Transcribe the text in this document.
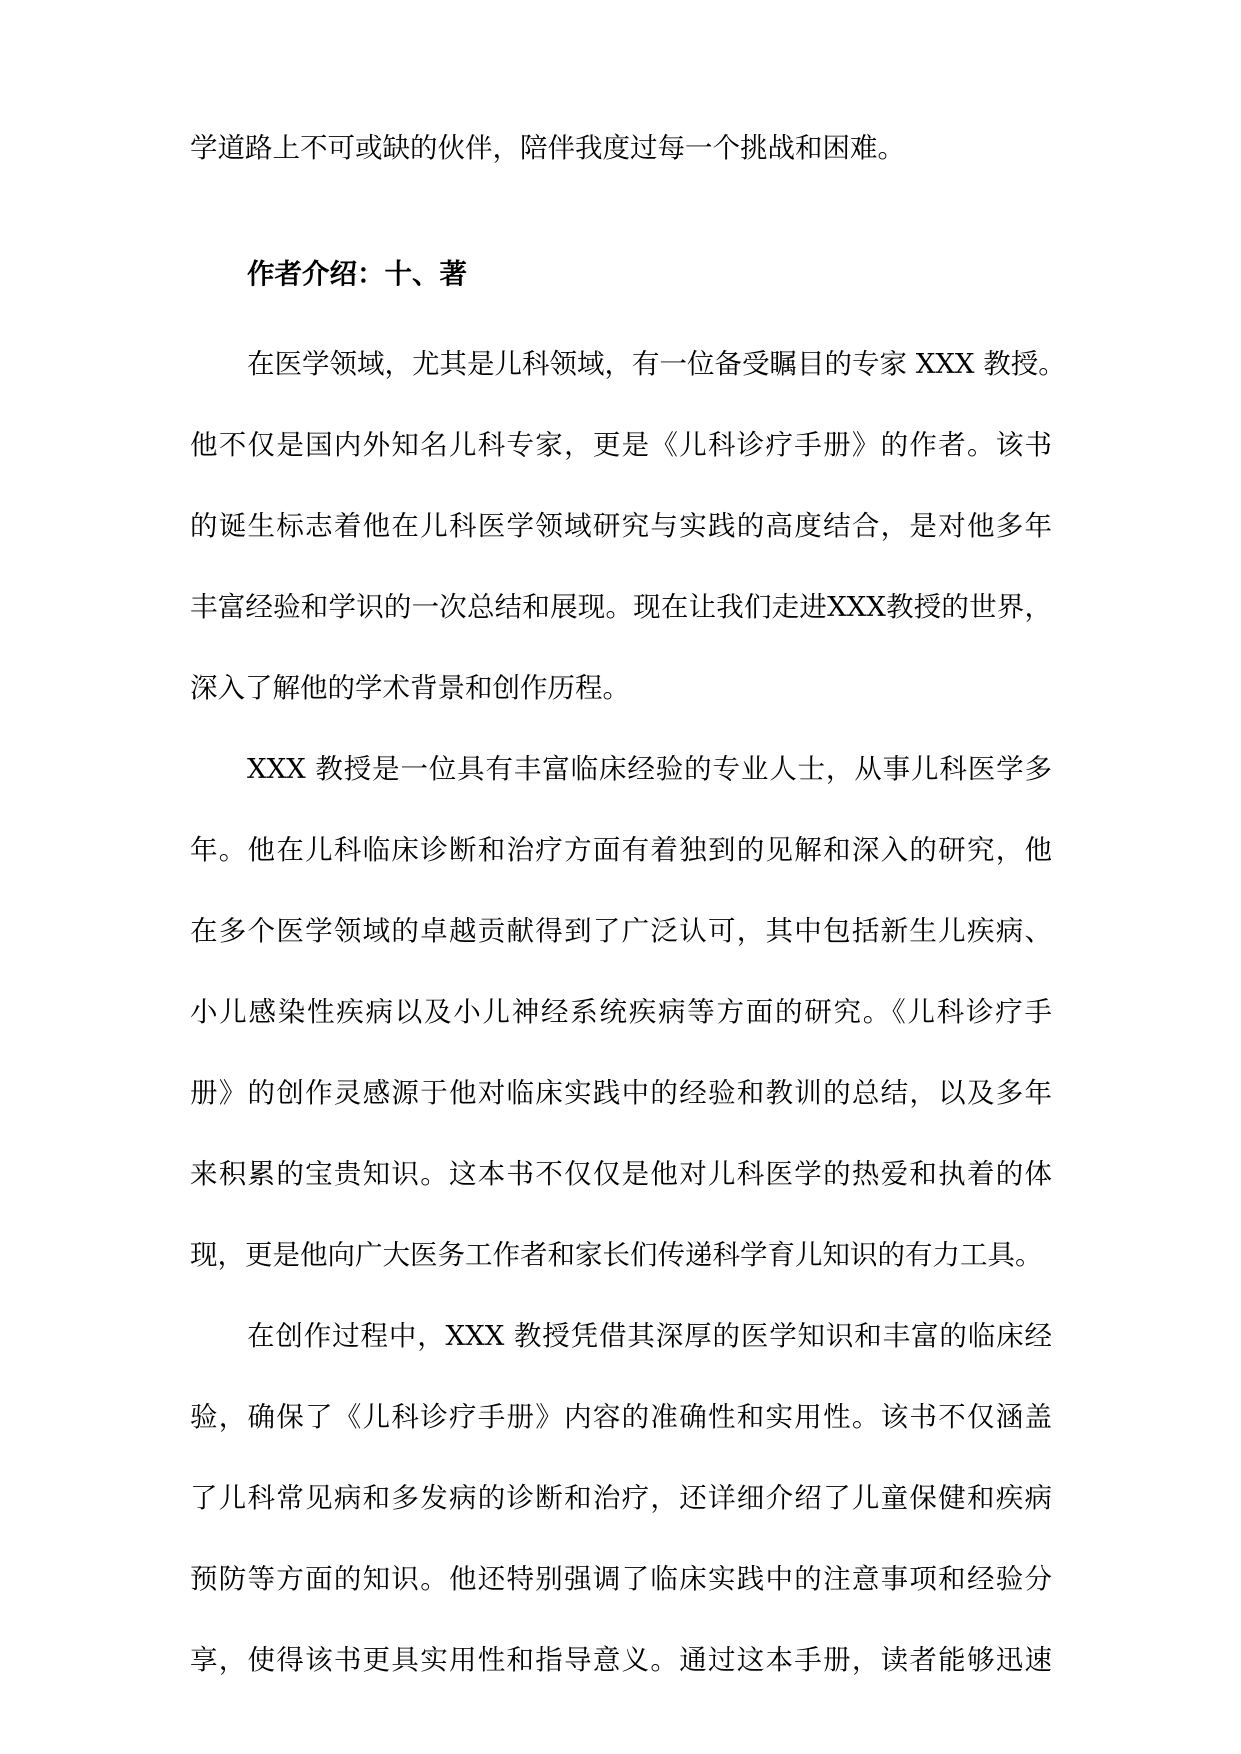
学道路上不可或缺的伙伴，陪伴我度过每一个挑战和困难。

作者介绍：十、著

在医学领域，尤其是儿科领域，有一位备受瞩目的专家 XXX 教授。

他不仅是国内外知名儿科专家，更是《儿科诊疗手册》的作者。该书

的诞生标志着他在儿科医学领域研究与实践的高度结合，是对他多年

丰富经验和学识的一次总结和展现。现在让我们走进XXX教授的世界，

深入了解他的学术背景和创作历程。

XXX 教授是一位具有丰富临床经验的专业人士，从事儿科医学多

年。他在儿科临床诊断和治疗方面有着独到的见解和深入的研究，他

在多个医学领域的卓越贡献得到了广泛认可，其中包括新生儿疾病、

小儿感染性疾病以及小儿神经系统疾病等方面的研究。《儿科诊疗手

册》的创作灵感源于他对临床实践中的经验和教训的总结，以及多年

来积累的宝贵知识。这本书不仅仅是他对儿科医学的热爱和执着的体

现，更是他向广大医务工作者和家长们传递科学育儿知识的有力工具。

在创作过程中，XXX 教授凭借其深厚的医学知识和丰富的临床经

验，确保了《儿科诊疗手册》内容的准确性和实用性。该书不仅涵盖

了儿科常见病和多发病的诊断和治疗，还详细介绍了儿童保健和疾病

预防等方面的知识。他还特别强调了临床实践中的注意事项和经验分

享，使得该书更具实用性和指导意义。通过这本手册，读者能够迅速
